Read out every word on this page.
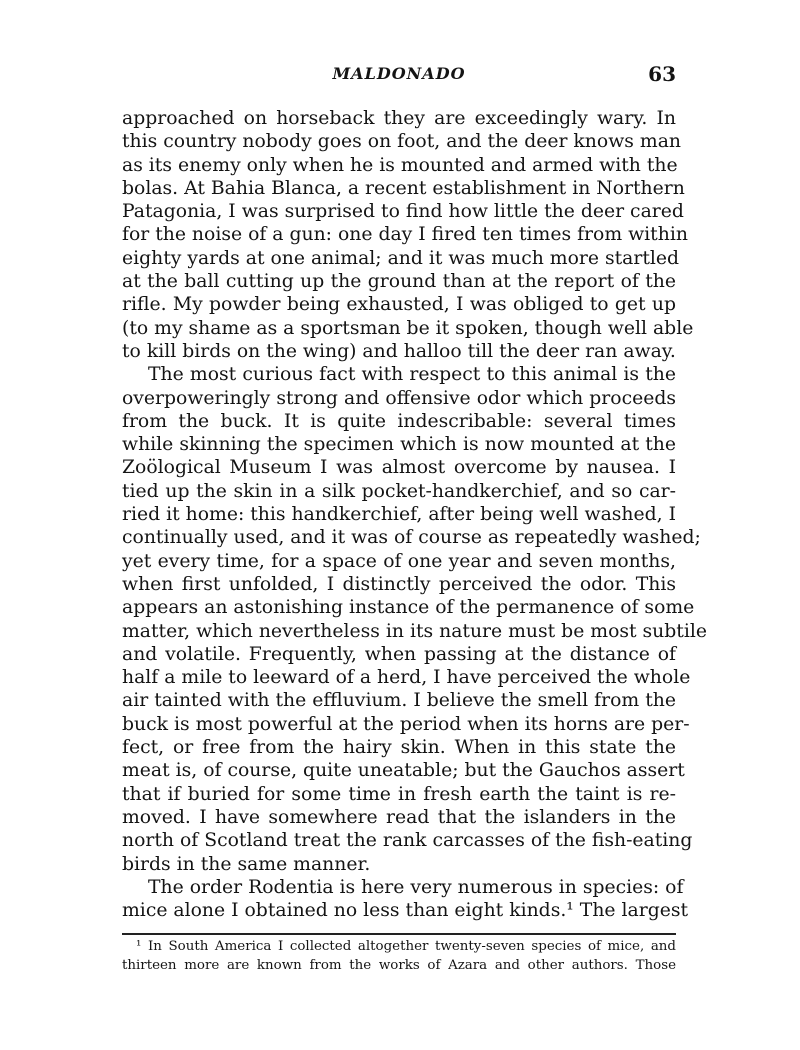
MALDONADO	63
approached on horseback they are exceedingly wary. In
this country nobody goes on foot, and the deer knows man
as its enemy only when he is mounted and armed with the
bolas. At Bahia Blanca, a recent establishment in Northern
Patagonia, I was surprised to find how little the deer cared
for the noise of a gun: one day I fired ten times from within
eighty yards at one animal; and it was much more startled
at the ball cutting up the ground than at the report of the
rifle. My powder being exhausted, I was obliged to get up
(to my shame as a sportsman be it spoken, though well able
to kill birds on the wing) and halloo till the deer ran away.
The most curious fact with respect to this animal is the
overpoweringly strong and offensive odor which proceeds
from the buck. It is quite indescribable: several times
while skinning the specimen which is now mounted at the
Zoölogical Museum I was almost overcome by nausea. I
tied up the skin in a silk pocket-handkerchief, and so car-
ried it home: this handkerchief, after being well washed, I
continually used, and it was of course as repeatedly washed;
yet every time, for a space of one year and seven months,
when first unfolded, I distinctly perceived the odor. This
appears an astonishing instance of the permanence of some
matter, which nevertheless in its nature must be most subtile
and volatile. Frequently, when passing at the distance of
half a mile to leeward of a herd, I have perceived the whole
air tainted with the effluvium. I believe the smell from the
buck is most powerful at the period when its horns are per-
fect, or free from the hairy skin. When in this state the
meat is, of course, quite uneatable; but the Gauchos assert
that if buried for some time in fresh earth the taint is re-
moved. I have somewhere read that the islanders in the
north of Scotland treat the rank carcasses of the fish-eating
birds in the same manner.
The order Rodentia is here very numerous in species: of
mice alone I obtained no less than eight kinds.¹ The largest
¹ In South America I collected altogether twenty-seven species of mice, and
thirteen more are known from the works of Azara and other authors. Those
